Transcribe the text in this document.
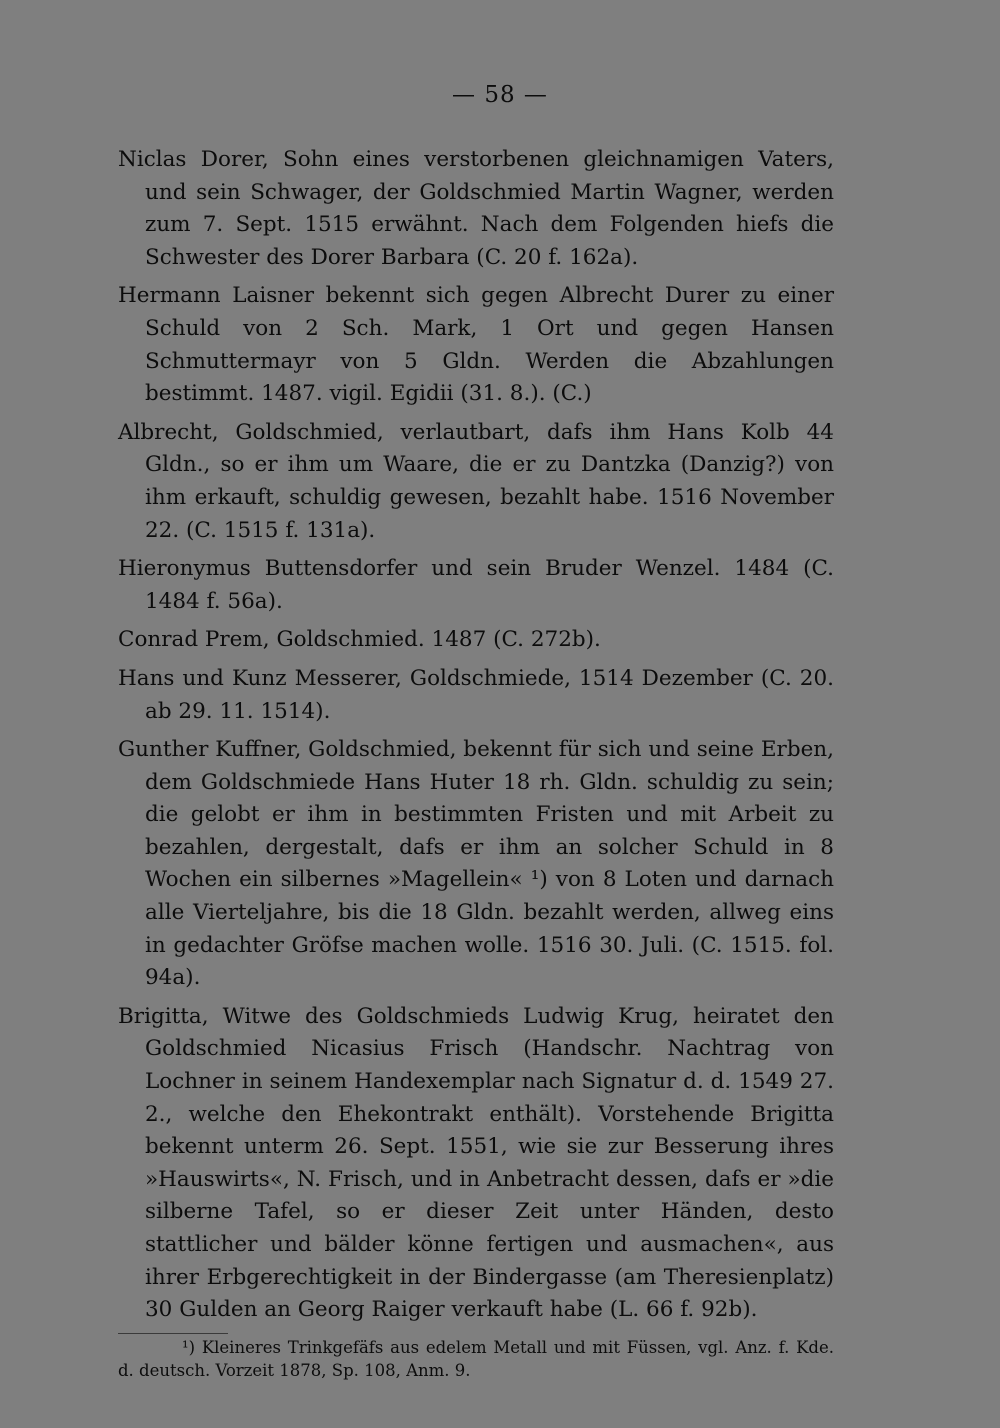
— 58 —

Niclas Dorer, Sohn eines verstorbenen gleichnamigen Vaters, und sein Schwager, der Goldschmied Martin Wagner, werden zum 7. Sept. 1515 erwähnt. Nach dem Folgenden hiefs die Schwester des Dorer Barbara (C. 20 f. 162a).

Hermann Laisner bekennt sich gegen Albrecht Durer zu einer Schuld von 2 Sch. Mark, 1 Ort und gegen Hansen Schmuttermayr von 5 Gldn. Werden die Abzahlungen bestimmt. 1487. vigil. Egidii (31. 8.). (C.)

Albrecht, Goldschmied, verlautbart, dafs ihm Hans Kolb 44 Gldn., so er ihm um Waare, die er zu Dantzka (Danzig?) von ihm erkauft, schuldig gewesen, bezahlt habe. 1516 November 22. (C. 1515 f. 131a).

Hieronymus Buttensdorfer und sein Bruder Wenzel. 1484 (C. 1484 f. 56a).

Conrad Prem, Goldschmied. 1487 (C. 272b).

Hans und Kunz Messerer, Goldschmiede, 1514 Dezember (C. 20. ab 29. 11. 1514).

Gunther Kuffner, Goldschmied, bekennt für sich und seine Erben, dem Goldschmiede Hans Huter 18 rh. Gldn. schuldig zu sein; die gelobt er ihm in bestimmten Fristen und mit Arbeit zu bezahlen, dergestalt, dafs er ihm an solcher Schuld in 8 Wochen ein silbernes »Magellein« ¹) von 8 Loten und darnach alle Vierteljahre, bis die 18 Gldn. bezahlt werden, allweg eins in gedachter Gröfse machen wolle. 1516 30. Juli. (C. 1515. fol. 94a).

Brigitta, Witwe des Goldschmieds Ludwig Krug, heiratet den Goldschmied Nicasius Frisch (Handschr. Nachtrag von Lochner in seinem Handexemplar nach Signatur d. d. 1549 27. 2., welche den Ehekontrakt enthält). Vorstehende Brigitta bekennt unterm 26. Sept. 1551, wie sie zur Besserung ihres »Hauswirts«, N. Frisch, und in Anbetracht dessen, dafs er »die silberne Tafel, so er dieser Zeit unter Händen, desto stattlicher und bälder könne fertigen und ausmachen«, aus ihrer Erbgerechtigkeit in der Bindergasse (am Theresienplatz) 30 Gulden an Georg Raiger verkauft habe (L. 66 f. 92b).

¹) Kleineres Trinkgefäfs aus edelem Metall und mit Füssen, vgl. Anz. f. Kde. d. deutsch. Vorzeit 1878, Sp. 108, Anm. 9.
